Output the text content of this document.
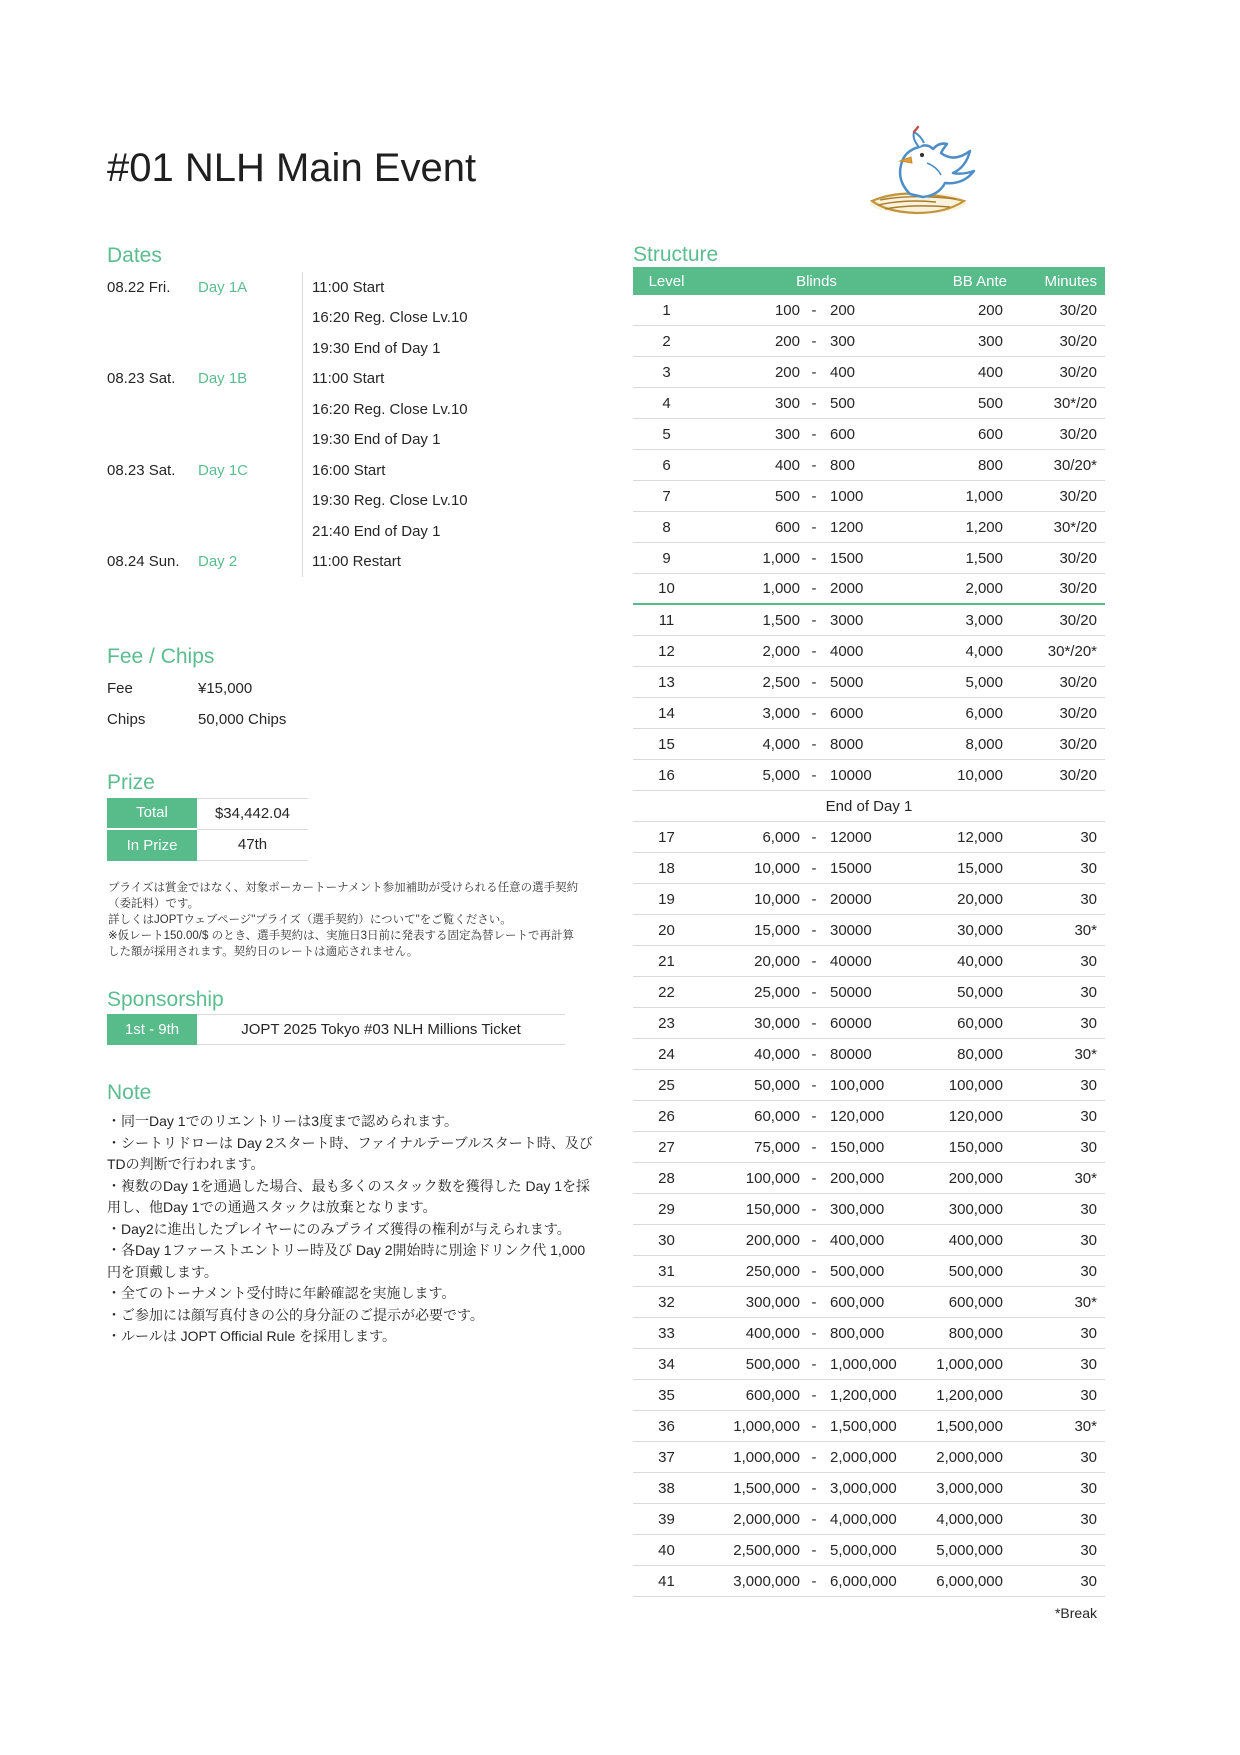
#01 NLH Main Event
Dates
08.22 Fri.	Day 1A	11:00 Start
16:20 Reg. Close Lv.10
19:30 End of Day 1
08.23 Sat.	Day 1B	11:00 Start
16:20 Reg. Close Lv.10
19:30 End of Day 1
08.23 Sat.	Day 1C	16:00 Start
19:30 Reg. Close Lv.10
21:40 End of Day 1
08.24 Sun.	Day 2	11:00 Restart
Fee / Chips
Fee	¥15,000
Chips	50,000 Chips
Prize
Total	$34,442.04
In Prize	47th
プライズは賞金ではなく、対象ポーカートーナメント参加補助が受けられる任意の選手契約
（委託料）です。
詳しくはJOPTウェブページ"プライズ（選手契約）について"をご覧ください。
※仮レート150.00/$ のとき、選手契約は、実施日3日前に発表する固定為替レートで再計算
した額が採用されます。契約日のレートは適応されません。
Sponsorship
1st - 9th	JOPT 2025 Tokyo #03 NLH Millions Ticket
Note
・同一Day 1でのリエントリーは3度まで認められます。
・シートリドローは Day 2スタート時、ファイナルテーブルスタート時、及び
TDの判断で行われます。
・複数のDay 1を通過した場合、最も多くのスタック数を獲得した Day 1を採
用し、他Day 1での通過スタックは放棄となります。
・Day2に進出したプレイヤーにのみプライズ獲得の権利が与えられます。
・各Day 1ファーストエントリー時及び Day 2開始時に別途ドリンク代 1,000
円を頂戴します。
・全てのトーナメント受付時に年齢確認を実施します。
・ご参加には顔写真付きの公的身分証のご提示が必要です。
・ルールは JOPT Official Rule を採用します。
Structure
Level	Blinds	BB Ante	Minutes
1	100 - 200	200	30/20
2	200 - 300	300	30/20
3	200 - 400	400	30/20
4	300 - 500	500	30*/20
5	300 - 600	600	30/20
6	400 - 800	800	30/20*
7	500 - 1000	1,000	30/20
8	600 - 1200	1,200	30*/20
9	1,000 - 1500	1,500	30/20
10	1,000 - 2000	2,000	30/20
11	1,500 - 3000	3,000	30/20
12	2,000 - 4000	4,000	30*/20*
13	2,500 - 5000	5,000	30/20
14	3,000 - 6000	6,000	30/20
15	4,000 - 8000	8,000	30/20
16	5,000 - 10000	10,000	30/20
End of Day 1
17	6,000 - 12000	12,000	30
18	10,000 - 15000	15,000	30
19	10,000 - 20000	20,000	30
20	15,000 - 30000	30,000	30*
21	20,000 - 40000	40,000	30
22	25,000 - 50000	50,000	30
23	30,000 - 60000	60,000	30
24	40,000 - 80000	80,000	30*
25	50,000 - 100,000	100,000	30
26	60,000 - 120,000	120,000	30
27	75,000 - 150,000	150,000	30
28	100,000 - 200,000	200,000	30*
29	150,000 - 300,000	300,000	30
30	200,000 - 400,000	400,000	30
31	250,000 - 500,000	500,000	30
32	300,000 - 600,000	600,000	30*
33	400,000 - 800,000	800,000	30
34	500,000 - 1,000,000	1,000,000	30
35	600,000 - 1,200,000	1,200,000	30
36	1,000,000 - 1,500,000	1,500,000	30*
37	1,000,000 - 2,000,000	2,000,000	30
38	1,500,000 - 3,000,000	3,000,000	30
39	2,000,000 - 4,000,000	4,000,000	30
40	2,500,000 - 5,000,000	5,000,000	30
41	3,000,000 - 6,000,000	6,000,000	30
*Break
